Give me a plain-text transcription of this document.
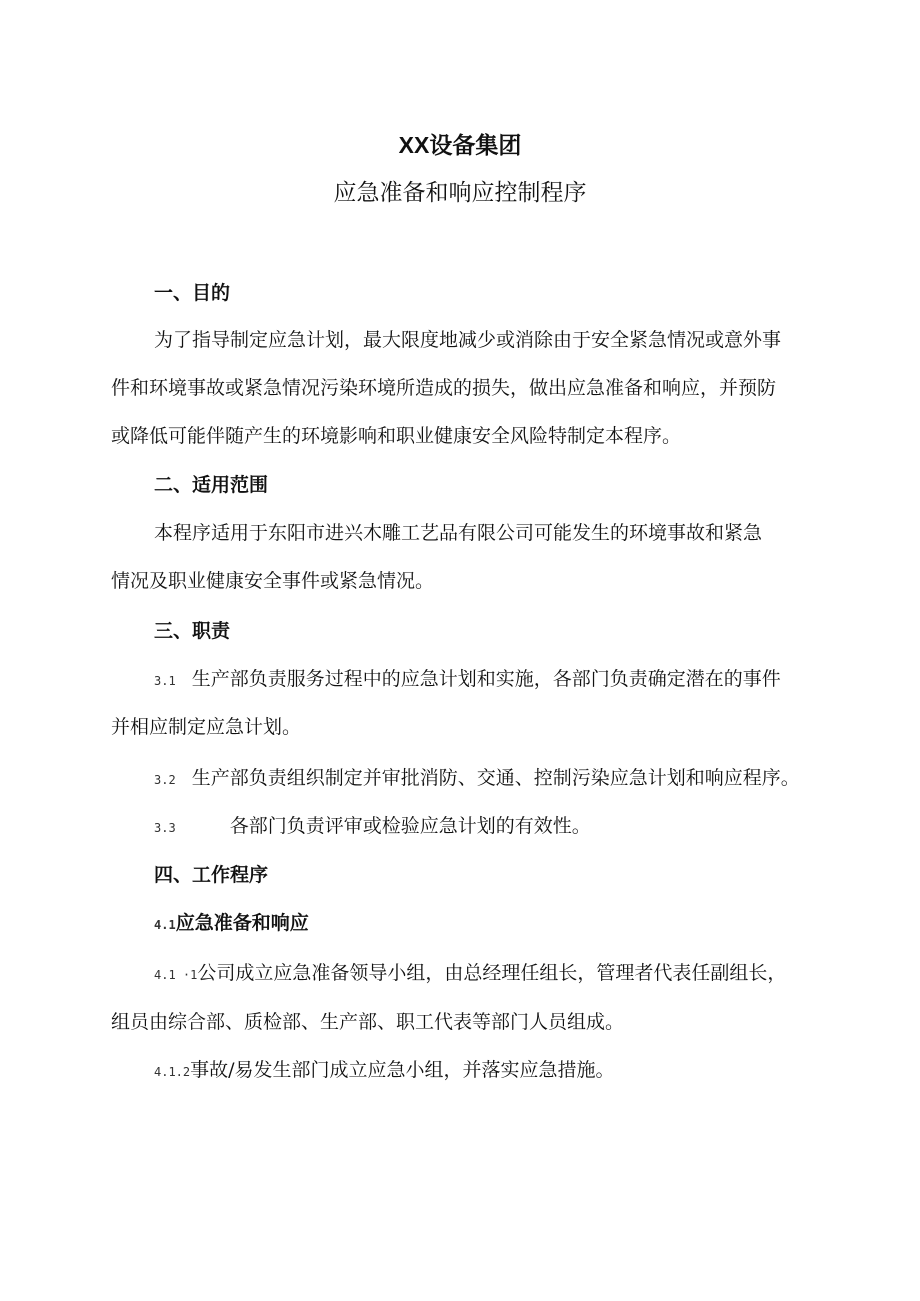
XX设备集团
应急准备和响应控制程序
一、目的
为了指导制定应急计划，最大限度地减少或消除由于安全紧急情况或意外事
件和环境事故或紧急情况污染环境所造成的损失，做出应急准备和响应，并预防
或降低可能伴随产生的环境影响和职业健康安全风险特制定本程序。
二、适用范围
本程序适用于东阳市进兴木雕工艺品有限公司可能发生的环境事故和紧急
情况及职业健康安全事件或紧急情况。
三、职责
3.1 生产部负责服务过程中的应急计划和实施，各部门负责确定潜在的事件
并相应制定应急计划。
3.2 生产部负责组织制定并审批消防、交通、控制污染应急计划和响应程序。
3.3	各部门负责评审或检验应急计划的有效性。
四、工作程序
4.1应急准备和响应
4.1 ·1公司成立应急准备领导小组，由总经理任组长，管理者代表任副组长，
组员由综合部、质检部、生产部、职工代表等部门人员组成。
4.1.2事故/易发生部门成立应急小组，并落实应急措施。
